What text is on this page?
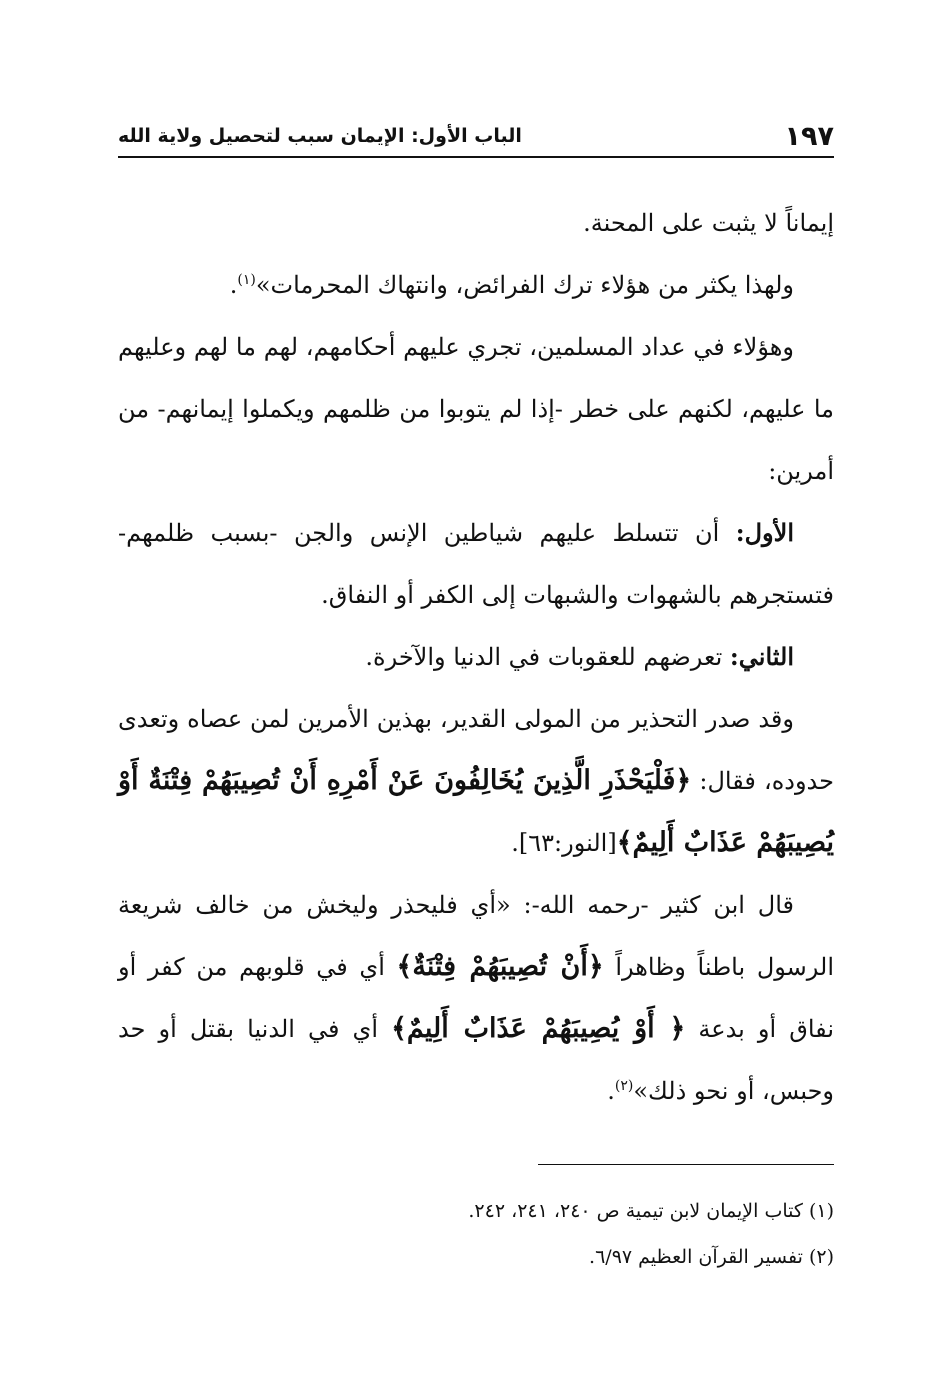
١٩٧
الباب الأول: الإيمان سبب لتحصيل ولاية الله

إيماناً لا يثبت على المحنة.

ولهذا يكثر من هؤلاء ترك الفرائض، وانتهاك المحرمات»$^{(١)}$.

وهؤلاء في عداد المسلمين، تجري عليهم أحكامهم، لهم ما لهم وعليهم ما عليهم، لكنهم على خطر -إذا لم يتوبوا من ظلمهم ويكملوا إيمانهم- من أمرين:

الأول: أن تتسلط عليهم شياطين الإنس والجن -بسبب ظلمهم- فتستجرهم بالشهوات والشبهات إلى الكفر أو النفاق.

الثاني: تعرضهم للعقوبات في الدنيا والآخرة.

وقد صدر التحذير من المولى القدير، بهذين الأمرين لمن عصاه وتعدى حدوده، فقال: ﴿فَلْيَحْذَرِ الَّذِينَ يُخَالِفُونَ عَنْ أَمْرِهِ أَنْ تُصِيبَهُمْ فِتْنَةٌ أَوْ يُصِيبَهُمْ عَذَابٌ أَلِيمٌ﴾[النور:٦٣].

قال ابن كثير -رحمه الله-: «أي فليحذر وليخش من خالف شريعة الرسول باطناً وظاهراً ﴿أَنْ تُصِيبَهُمْ فِتْنَةٌ﴾ أي في قلوبهم من كفر أو نفاق أو بدعة ﴿ أَوْ يُصِيبَهُمْ عَذَابٌ أَلِيمٌ﴾ أي في الدنيا بقتل أو حد وحبس، أو نحو ذلك»$^{(٢)}$.

(١) كتاب الإيمان لابن تيمية ص ٢٤٠، ٢٤١، ٢٤٢.

(٢) تفسير القرآن العظيم ٦/٩٧.
